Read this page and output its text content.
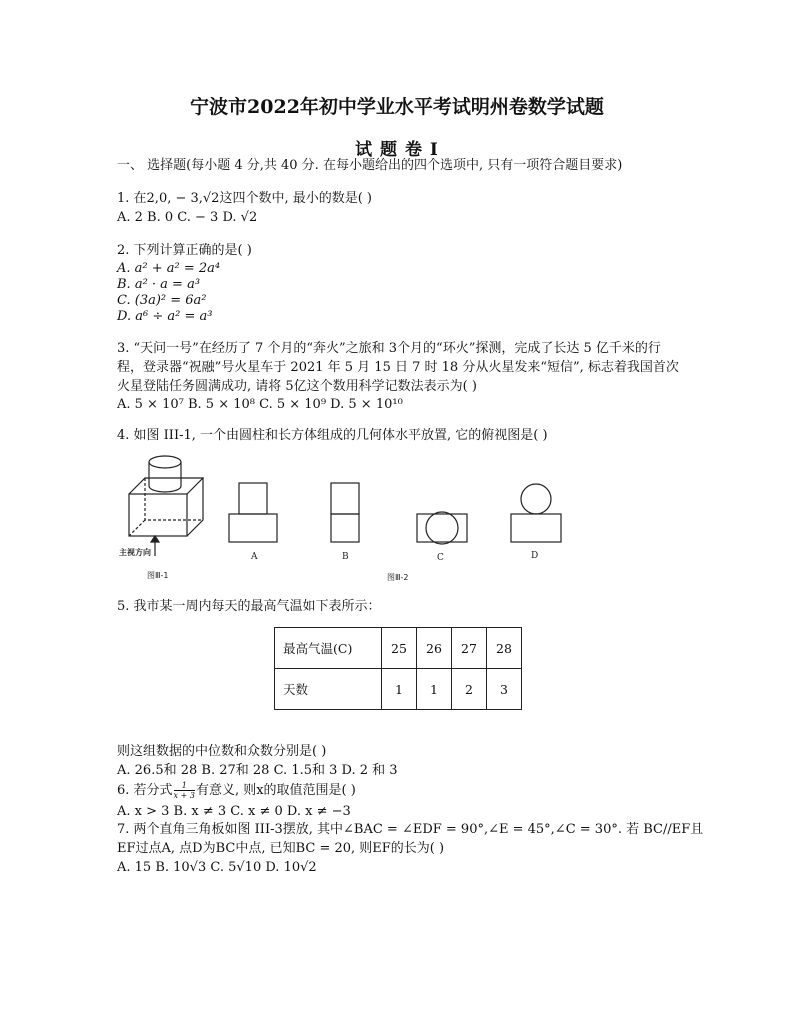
宁波市2022年初中学业水平考试明州卷数学试题
试 题 卷 I
一、 选择题(每小题 4 分,共 40 分. 在每小题给出的四个选项中, 只有一项符合题目要求)
1. 在2,0, − 3,√2这四个数中, 最小的数是( )
A. 2 B. 0 C. − 3 D. √2
2. 下列计算正确的是( )
A. a² + a² = 2a⁴
B. a² · a = a³
C. (3a)² = 6a²
D. a⁶ ÷ a² = a³
3. “天问一号”在经历了 7 个月的“奔火”之旅和 3个月的“环火”探测，完成了长达 5 亿千米的行
程，登录器“祝融”号火星车于 2021 年 5 月 15 日 7 时 18 分从火星发来“短信”, 标志着我国首次
火星登陆任务圆满成功, 请将 5亿这个数用科学记数法表示为( )
A. 5 × 10⁷ B. 5 × 10⁸ C. 5 × 10⁹ D. 5 × 10¹⁰
4. 如图 III-1, 一个由圆柱和长方体组成的几何体水平放置, 它的俯视图是( )
主视方向
图Ⅲ-1	图Ⅲ-2
A	B	C	D
5. 我市某一周内每天的最高气温如下表所示：
最高气温(C)	25	26	27	28
天数	1	1	2	3
则这组数据的中位数和众数分别是( )
A. 26.5和 28 B. 27和 28 C. 1.5和 3 D. 2 和 3
6. 若分式 $\frac{1}{x + 3}$ 有意义, 则x的取值范围是( )
A. x > 3 B. x ≠ 3 C. x ≠ 0 D. x ≠ −3
7. 两个直角三角板如图 III-3摆放, 其中∠BAC = ∠EDF = 90°,∠E = 45°,∠C = 30°. 若 BC//EF且
EF过点A, 点D为BC中点, 已知BC = 20, 则EF的长为( )
A. 15 B. 10√3 C. 5√10 D. 10√2
